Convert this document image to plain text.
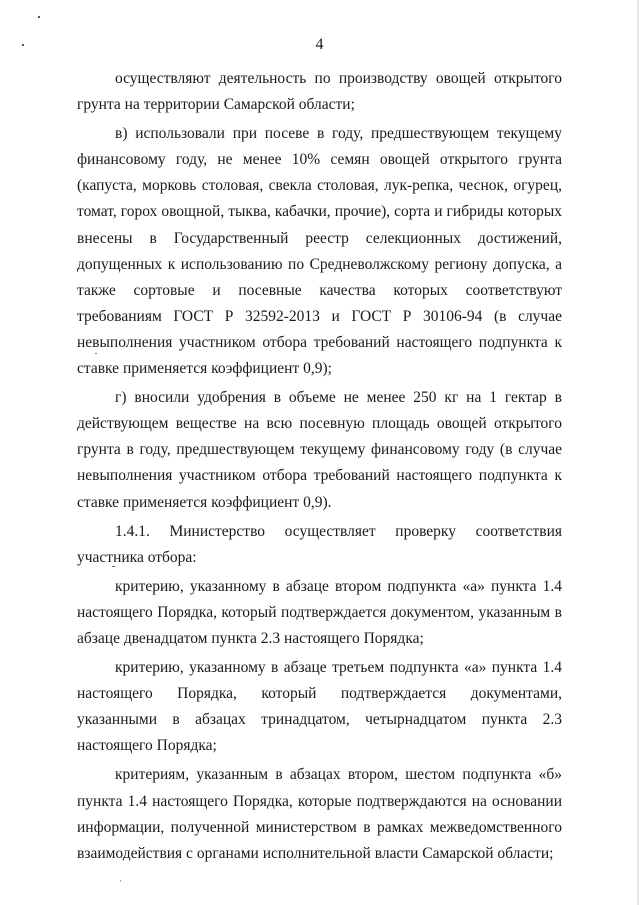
4

осуществляют деятельность по производству овощей открытого грунта на территории Самарской области;

в) использовали при посеве в году, предшествующем текущему финансовому году, не менее 10% семян овощей открытого грунта (капуста, морковь столовая, свекла столовая, лук-репка, чеснок, огурец, томат, горох овощной, тыква, кабачки, прочие), сорта и гибриды которых внесены в Государственный реестр селекционных достижений, допущенных к использованию по Средневолжскому региону допуска, а также сортовые и посевные качества которых соответствуют требованиям ГОСТ Р 32592-2013 и ГОСТ Р 30106-94 (в случае невыполнения участником отбора требований настоящего подпункта к ставке применяется коэффициент 0,9);

г) вносили удобрения в объеме не менее 250 кг на 1 гектар в действующем веществе на всю посевную площадь овощей открытого грунта в году, предшествующем текущему финансовому году (в случае невыполнения участником отбора требований настоящего подпункта к ставке применяется коэффициент 0,9).

1.4.1. Министерство осуществляет проверку соответствия участника отбора:

критерию, указанному в абзаце втором подпункта «а» пункта 1.4 настоящего Порядка, который подтверждается документом, указанным в абзаце двенадцатом пункта 2.3 настоящего Порядка;

критерию, указанному в абзаце третьем подпункта «а» пункта 1.4 настоящего Порядка, который подтверждается документами, указанными в абзацах тринадцатом, четырнадцатом пункта 2.3 настоящего Порядка;

критериям, указанным в абзацах втором, шестом подпункта «б» пункта 1.4 настоящего Порядка, которые подтверждаются на основании информации, полученной министерством в рамках межведомственного взаимодействия с органами исполнительной власти Самарской области;
